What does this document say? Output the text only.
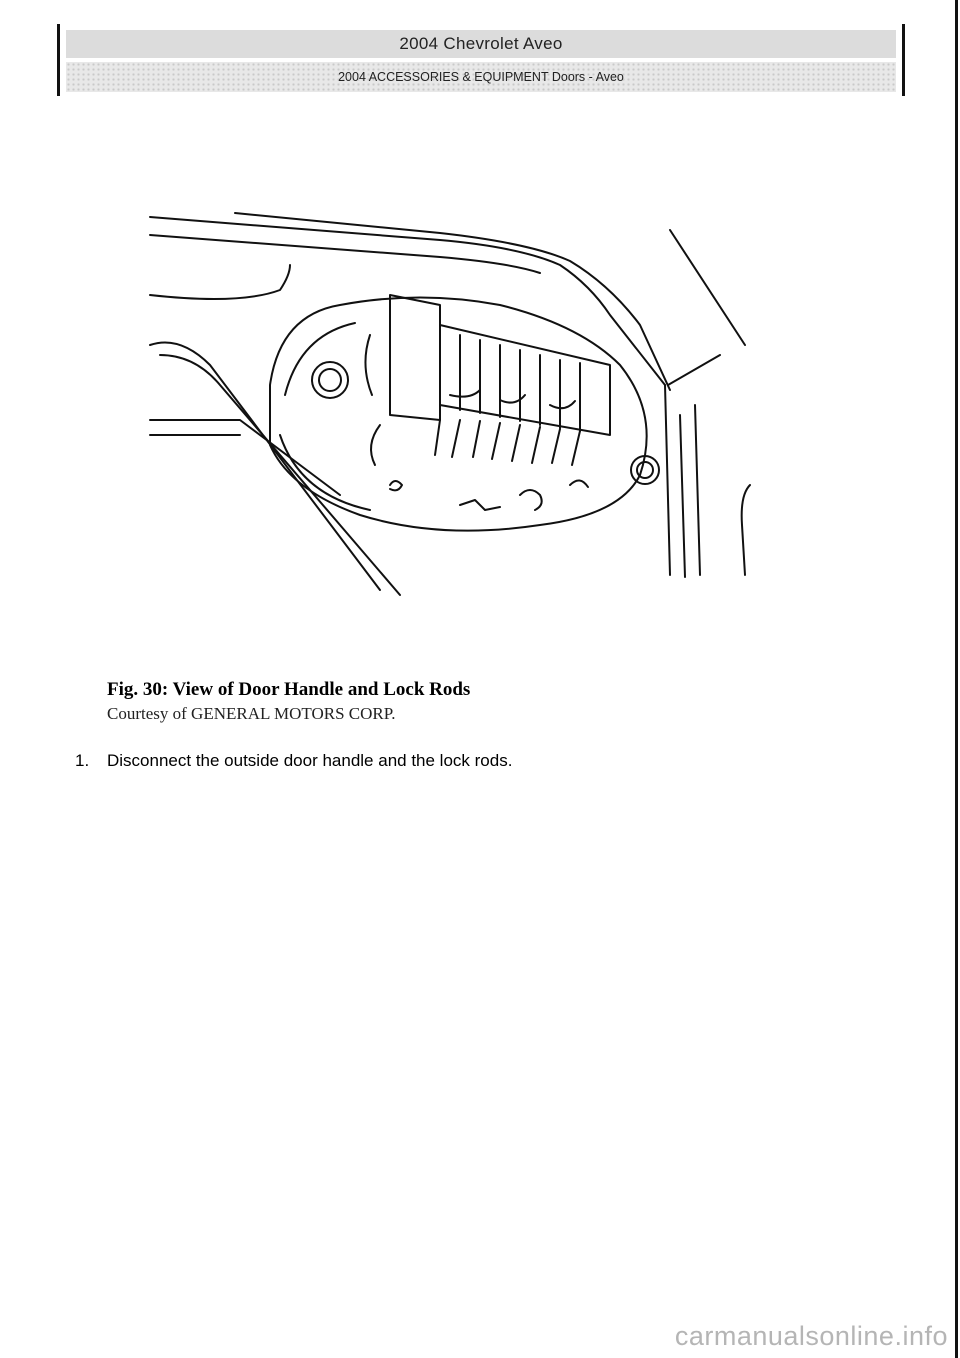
2004 Chevrolet Aveo
2004 ACCESSORIES & EQUIPMENT Doors - Aveo
Fig. 30: View of Door Handle and Lock Rods
Courtesy of GENERAL MOTORS CORP.
1.	Disconnect the outside door handle and the lock rods.
carmanualsonline.info
